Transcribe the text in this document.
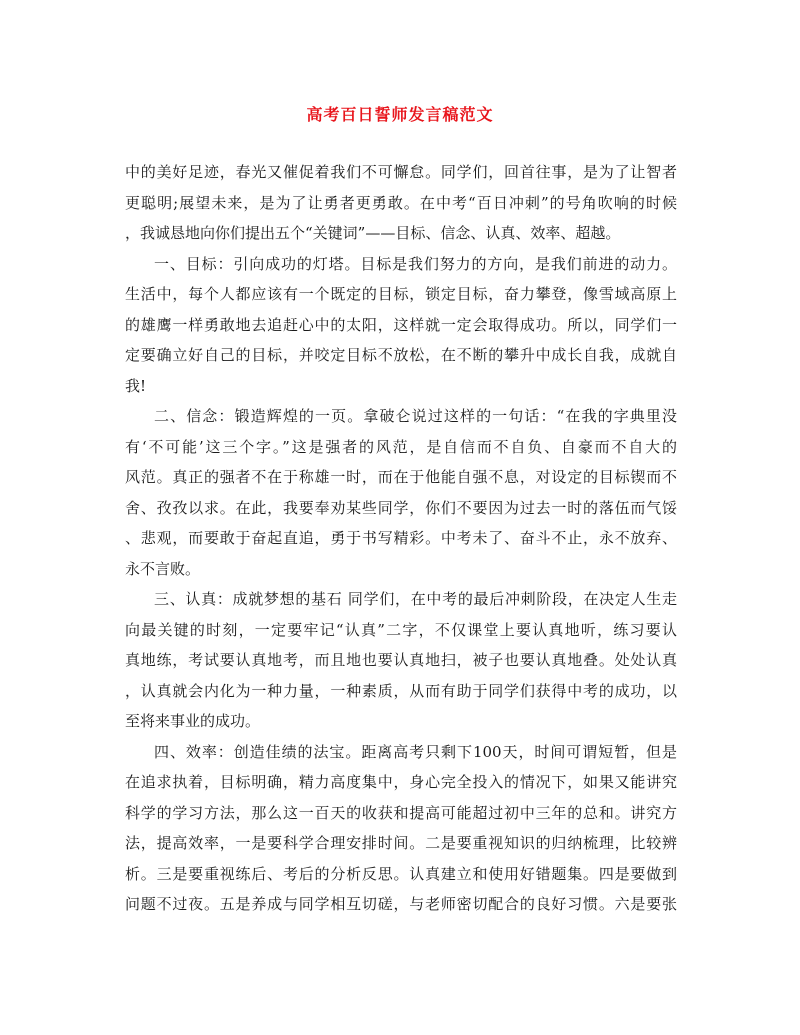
高考百日誓师发言稿范文
中的美好足迹，春光又催促着我们不可懈怠。同学们，回首往事，是为了让智者
更聪明;展望未来，是为了让勇者更勇敢。在中考“百日冲刺”的号角吹响的时候
，我诚恳地向你们提出五个“关键词”——目标、信念、认真、效率、超越。
一、目标：引向成功的灯塔。目标是我们努力的方向，是我们前进的动力。
生活中，每个人都应该有一个既定的目标，锁定目标，奋力攀登，像雪域高原上
的雄鹰一样勇敢地去追赶心中的太阳，这样就一定会取得成功。所以，同学们一
定要确立好自己的目标，并咬定目标不放松，在不断的攀升中成长自我，成就自
我!
二、信念：锻造辉煌的一页。拿破仑说过这样的一句话：“在我的字典里没
有‘不可能’这三个字。”这是强者的风范，是自信而不自负、自豪而不自大的
风范。真正的强者不在于称雄一时，而在于他能自强不息，对设定的目标锲而不
舍、孜孜以求。在此，我要奉劝某些同学，你们不要因为过去一时的落伍而气馁
、悲观，而要敢于奋起直追，勇于书写精彩。中考未了、奋斗不止，永不放弃、
永不言败。
三、认真：成就梦想的基石 同学们，在中考的最后冲刺阶段，在决定人生走
向最关键的时刻，一定要牢记“认真”二字，不仅课堂上要认真地听，练习要认
真地练，考试要认真地考，而且地也要认真地扫，被子也要认真地叠。处处认真
，认真就会内化为一种力量，一种素质，从而有助于同学们获得中考的成功，以
至将来事业的成功。
四、效率：创造佳绩的法宝。距离高考只剩下100天，时间可谓短暂，但是
在追求执着，目标明确，精力高度集中，身心完全投入的情况下，如果又能讲究
科学的学习方法，那么这一百天的收获和提高可能超过初中三年的总和。讲究方
法，提高效率，一是要科学合理安排时间。二是要重视知识的归纳梳理，比较辨
析。三是要重视练后、考后的分析反思。认真建立和使用好错题集。四是要做到
问题不过夜。五是养成与同学相互切磋，与老师密切配合的良好习惯。六是要张
